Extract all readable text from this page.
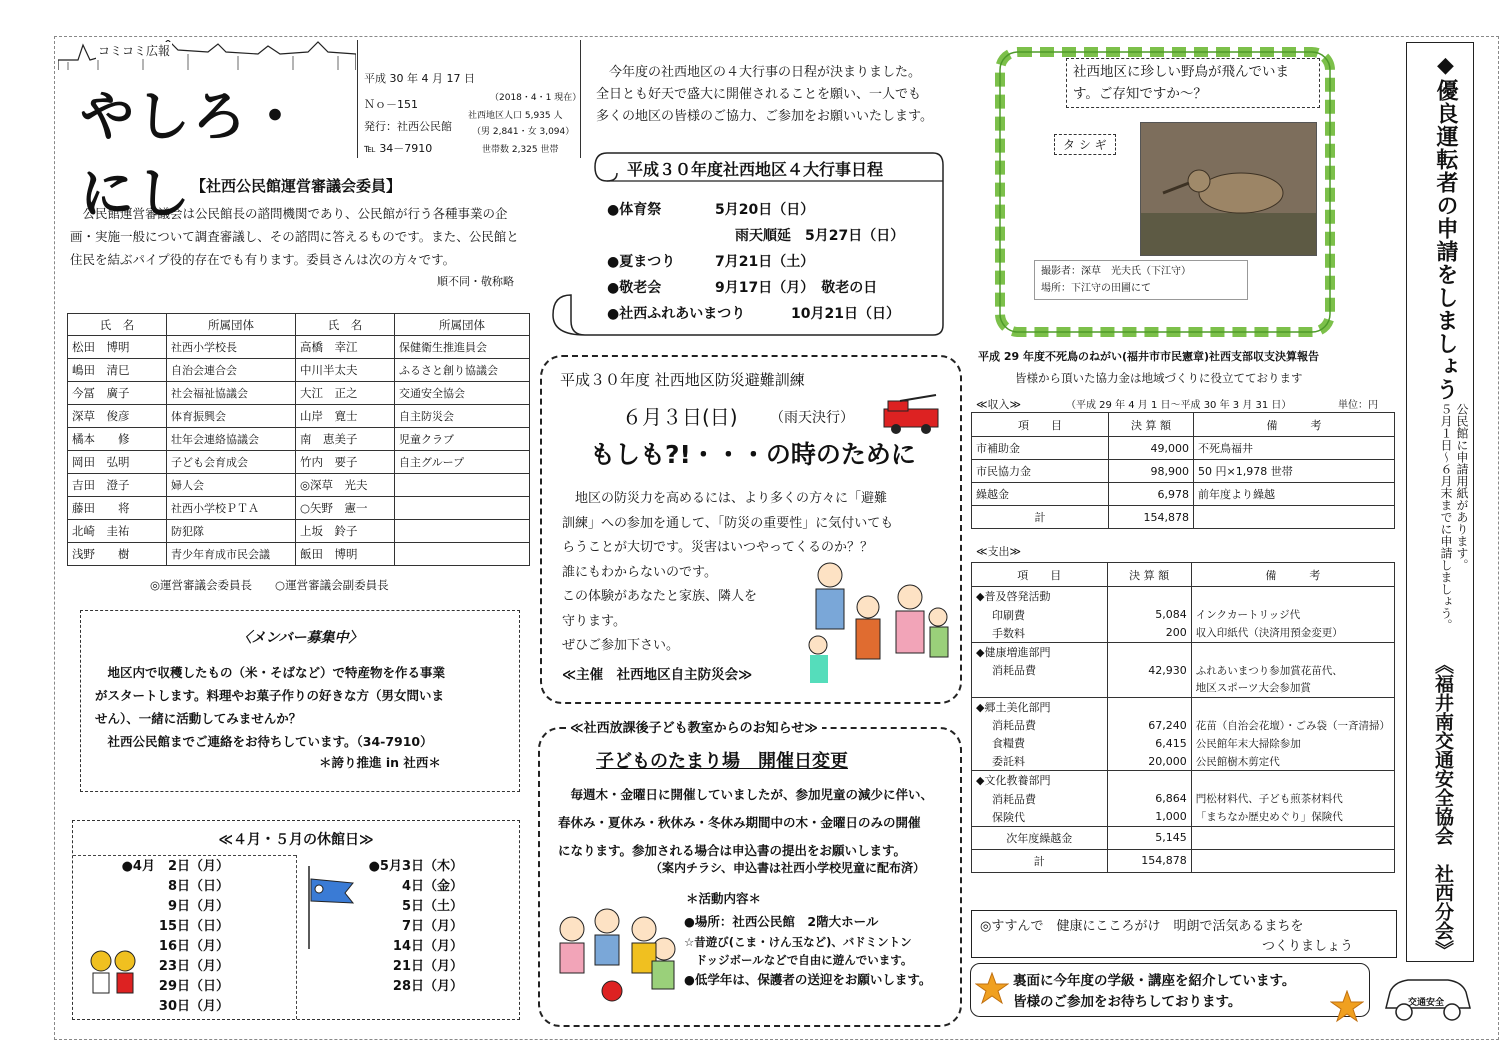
コミコミ広報
やしろ・にし
平成 30 年 4 月 17 日
Ｎｏ－151
発行：社西公民館
℡ 34－7910
（2018・4・1 現在）
社西地区人口 5,935 人
（男 2,841・女 3,094）
世帯数 2,325 世帯
【社西公民館運営審議会委員】
公民館運営審議会は公民館長の諮問機関であり、公民館が行う各種事業の企画・実施一般について調査審議し、その諮問に答えるものです。また、公民館と住民を結ぶパイプ役的存在でも有ります。委員さんは次の方々です。
順不同・敬称略
氏　名	所属団体	氏　名	所属団体
松田　博明	社西小学校長	高橋　幸江	保健衛生推進員会
嶋田　清巳	自治会連合会	中川半太夫	ふるさと創り協議会
今冨　廣子	社会福祉協議会	大江　正之	交通安全協会
深草　俊彦	体育振興会	山岸　寛士	自主防災会
橘本　　修	壮年会連絡協議会	南　恵美子	児童クラブ
岡田　弘明	子ども会育成会	竹内　要子	自主グループ
吉田　澄子	婦人会	◎深草　光夫	
藤田　　将	社西小学校ＰＴＡ	○矢野　憲一	
北崎　圭祐	防犯隊	上坂　鈴子	
浅野　　樹	青少年育成市民会議	飯田　博明	
◎運営審議会委員長　　○運営審議会副委員長
〈メンバー募集中〉
地区内で収穫したもの（米・そばなど）で特産物を作る事業
がスタートします。料理やお菓子作りの好きな方（男女問いま
せん）、一緒に活動してみませんか？
社西公民館までご連絡をお待ちしています。（34-7910）
＊誇り推進 in 社西＊
≪４月・５月の休館日≫
●4月　2日（月）
8日（日）
9日（月）
15日（日）
16日（月）
23日（月）
29日（日）
30日（月）
●5月3日（木）
4日（金）
5日（土）
7日（月）
14日（月）
21日（月）
28日（月）
今年度の社西地区の４大行事の日程が決まりました。
全日とも好天で盛大に開催されることを願い、一人でも
多くの地区の皆様のご協力、ご参加をお願いいたします。
平成３０年度社西地区４大行事日程
●体育祭	5月20日（日）
雨天順延　5月27日（日）
●夏まつり	7月21日（土）
●敬老会	9月17日（月）　敬老の日
●社西ふれあいまつり	10月21日（日）
平成３０年度 社西地区防災避難訓練
６月３日(日) （雨天決行）
もしも?!・・・の時のために
地区の防災力を高めるには、より多くの方々に「避難
訓練」への参加を通して、「防災の重要性」に気付いても
らうことが大切です。災害はいつやってくるのか？？
誰にもわからないのです。
この体験があなたと家族、隣人を
守ります。
ぜひご参加下さい。
≪主催　社西地区自主防災会≫
≪社西放課後子ども教室からのお知らせ≫
子どものたまり場　開催日変更
毎週木・金曜日に開催していましたが、参加児童の減少に伴い、
春休み・夏休み・秋休み・冬休み期間中の木・金曜日のみの開催
になります。参加される場合は申込書の提出をお願いします。
（案内チラシ、申込書は社西小学校児童に配布済）
＊活動内容＊
●場所：社西公民館　2階大ホール
☆昔遊び(こま・けん玉など)、バドミントン
　ドッジボールなどで自由に遊んでいます。
●低学年は、保護者の送迎をお願いします。
社西地区に珍しい野鳥が飛んでいます。ご存知ですか～？
タ シ ギ
撮影者：深草　光夫氏（下江守）
場所：下江守の田圃にて
平成 29 年度不死鳥のねがい(福井市市民憲章)社西支部収支決算報告
皆様から頂いた協力金は地域づくりに役立てております
≪収入≫	（平成 29 年 4 月 1 日～平成 30 年 3 月 31 日）	単位：円
項　　目	決 算 額	備　　　考
市補助金	49,000	不死鳥福井
市民協力金	98,900	50 円×1,978 世帯
繰越金	6,978	前年度より繰越
計	154,878	
≪支出≫
項　　目	決 算 額	備　　　考
◆普及啓発活動		
印刷費	5,084	インクカートリッジ代
手数料	200	収入印紙代（決済用預金変更）
◆健康増進部門		
消耗品費	42,930	ふれあいまつり参加賞花苗代、
		地区スポーツ大会参加賞
◆郷土美化部門		
消耗品費	67,240	花苗（自治会花壇）・ごみ袋（一斉清掃）
食糧費	6,415	公民館年末大掃除参加
委託料	20,000	公民館樹木剪定代
◆文化教養部門		
消耗品費	6,864	門松材料代、子ども煎茶材料代
保険代	1,000	「まちなか歴史めぐり」保険代
次年度繰越金	5,145	
計	154,878	
◎すすんで　健康にこころがけ　明朗で活気あるまちを
つくりましょう
裏面に今年度の学級・講座を紹介しています。
皆様のご参加をお待ちしております。
◆優良運転者の申請をしましょう
公民館に申請用紙があります。
５月１日～６月末までに申請しましょう。
《福井南交通安全協会　社西分会》
交通安全
